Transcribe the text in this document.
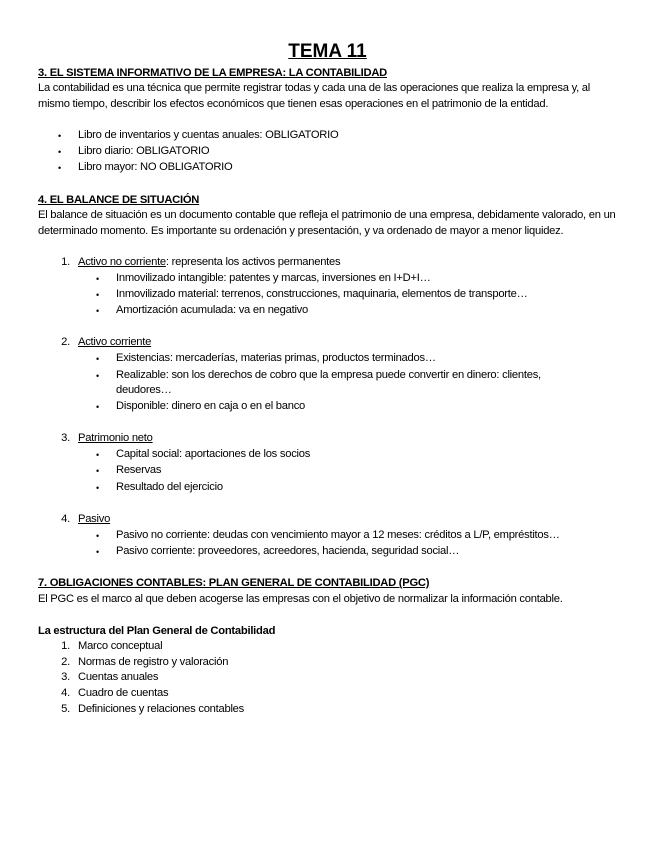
TEMA 11
3. EL SISTEMA INFORMATIVO DE LA EMPRESA: LA CONTABILIDAD
La contabilidad es una técnica que permite registrar todas y cada una de las operaciones que realiza la empresa y, al mismo tiempo, describir los efectos económicos que tienen esas operaciones en el patrimonio de la entidad.
• Libro de inventarios y cuentas anuales: OBLIGATORIO
• Libro diario: OBLIGATORIO
• Libro mayor: NO OBLIGATORIO
4. EL BALANCE DE SITUACIÓN
El balance de situación es un documento contable que refleja el patrimonio de una empresa, debidamente valorado, en un determinado momento. Es importante su ordenación y presentación, y va ordenado de mayor a menor liquidez.
1. Activo no corriente: representa los activos permanentes
• Inmovilizado intangible: patentes y marcas, inversiones en I+D+I…
• Inmovilizado material: terrenos, construcciones, maquinaria, elementos de transporte…
• Amortización acumulada: va en negativo
2. Activo corriente
• Existencias: mercaderías, materias primas, productos terminados…
• Realizable: son los derechos de cobro que la empresa puede convertir en dinero: clientes,
deudores…
• Disponible: dinero en caja o en el banco
3. Patrimonio neto
• Capital social: aportaciones de los socios
• Reservas
• Resultado del ejercicio
4. Pasivo
• Pasivo no corriente: deudas con vencimiento mayor a 12 meses: créditos a L/P, empréstitos…
• Pasivo corriente: proveedores, acreedores, hacienda, seguridad social…
7. OBLIGACIONES CONTABLES: PLAN GENERAL DE CONTABILIDAD (PGC)
El PGC es el marco al que deben acogerse las empresas con el objetivo de normalizar la información contable.
La estructura del Plan General de Contabilidad
1. Marco conceptual
2. Normas de registro y valoración
3. Cuentas anuales
4. Cuadro de cuentas
5. Definiciones y relaciones contables
